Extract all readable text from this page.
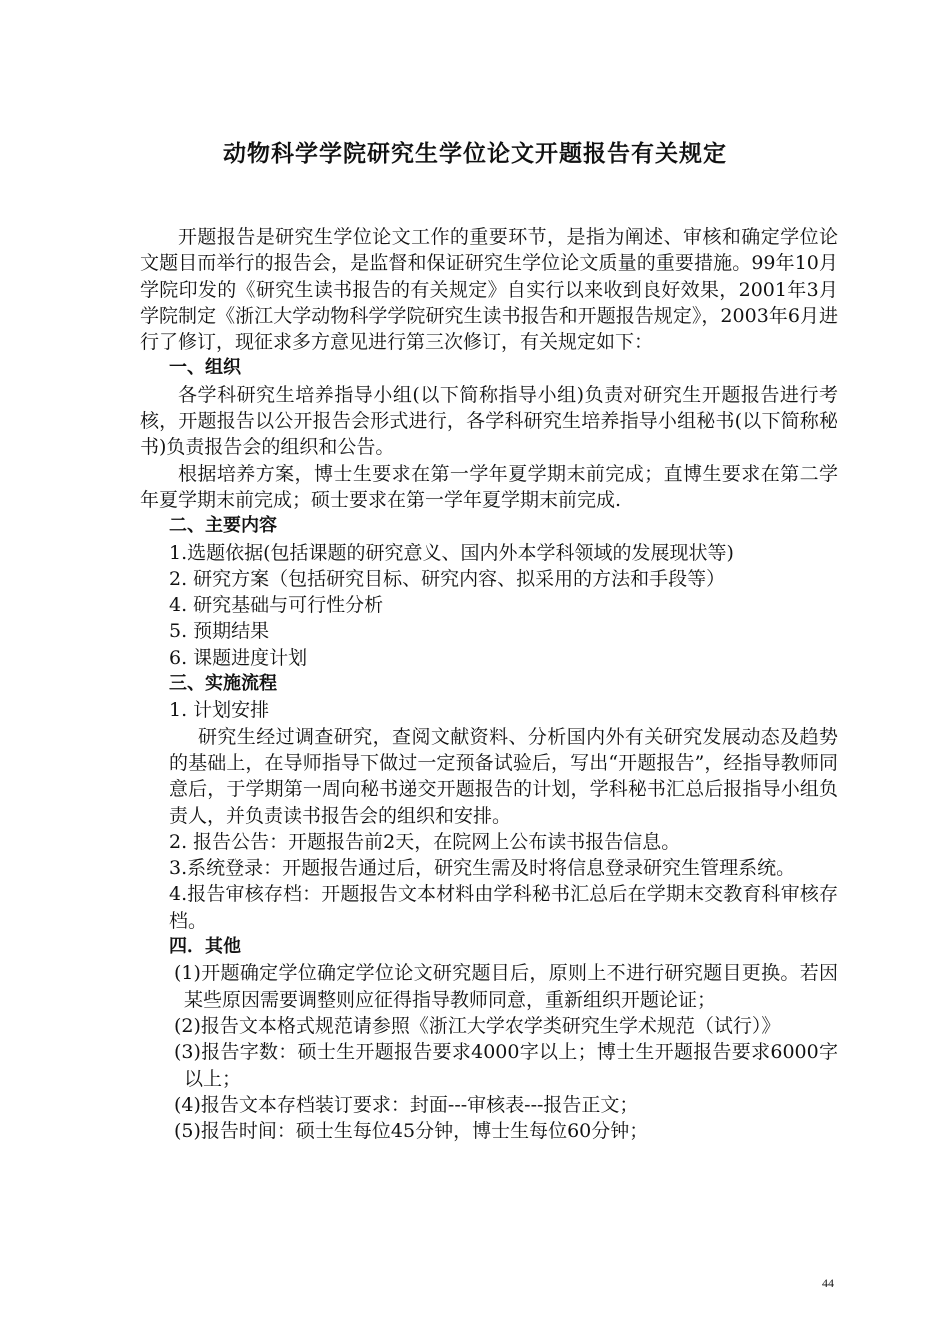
动物科学学院研究生学位论文开题报告有关规定
开题报告是研究生学位论文工作的重要环节，是指为阐述、审核和确定学位论文题目而举行的报告会，是监督和保证研究生学位论文质量的重要措施。99年10月学院印发的《研究生读书报告的有关规定》自实行以来收到良好效果，2001年3月学院制定《浙江大学动物科学学院研究生读书报告和开题报告规定》，2003年6月进行了修订，现征求多方意见进行第三次修订，有关规定如下：
一、组织
各学科研究生培养指导小组(以下简称指导小组)负责对研究生开题报告进行考核，开题报告以公开报告会形式进行，各学科研究生培养指导小组秘书(以下简称秘书)负责报告会的组织和公告。
根据培养方案，博士生要求在第一学年夏学期末前完成；直博生要求在第二学年夏学期末前完成；硕士要求在第一学年夏学期末前完成.
二、主要内容
1.选题依据(包括课题的研究意义、国内外本学科领域的发展现状等)
2. 研究方案（包括研究目标、研究内容、拟采用的方法和手段等）
4. 研究基础与可行性分析
5. 预期结果
6. 课题进度计划
三、实施流程
1. 计划安排
研究生经过调查研究，查阅文献资料、分析国内外有关研究发展动态及趋势的基础上，在导师指导下做过一定预备试验后，写出“开题报告”，经指导教师同意后，于学期第一周向秘书递交开题报告的计划，学科秘书汇总后报指导小组负责人，并负责读书报告会的组织和安排。
2. 报告公告：开题报告前2天，在院网上公布读书报告信息。
3.系统登录：开题报告通过后，研究生需及时将信息登录研究生管理系统。
4.报告审核存档：开题报告文本材料由学科秘书汇总后在学期末交教育科审核存档。
四．其他
(1)开题确定学位确定学位论文研究题目后，原则上不进行研究题目更换。若因某些原因需要调整则应征得指导教师同意，重新组织开题论证；
(2)报告文本格式规范请参照《浙江大学农学类研究生学术规范（试行）》
(3)报告字数：硕士生开题报告要求4000字以上；博士生开题报告要求6000字以上；
(4)报告文本存档装订要求：封面---审核表---报告正文；
(5)报告时间：硕士生每位45分钟，博士生每位60分钟；
44
